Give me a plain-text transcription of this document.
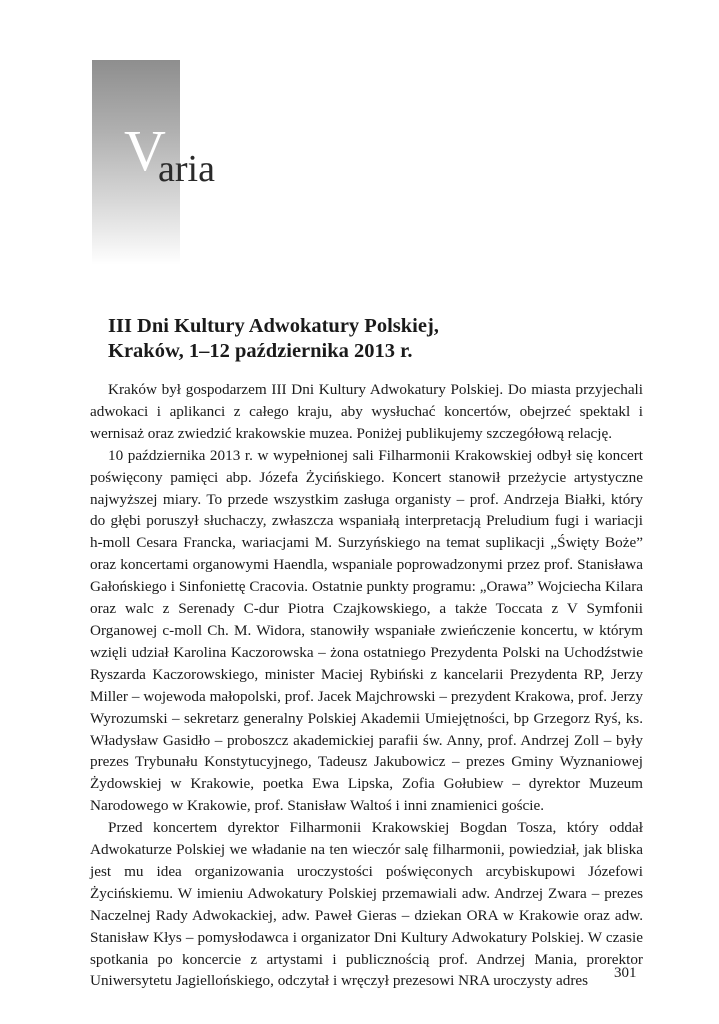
V
aria
III Dni Kultury Adwokatury Polskiej,
Kraków, 1–12 października 2013 r.

Kraków był gospodarzem III Dni Kultury Adwokatury Polskiej. Do miasta przyjechali adwokaci i aplikanci z całego kraju, aby wysłuchać koncertów, obejrzeć spektakl i wernisaż oraz zwiedzić krakowskie muzea. Poniżej publikujemy szczegółową relację.

10 października 2013 r. w wypełnionej sali Filharmonii Krakowskiej odbył się koncert poświęcony pamięci abp. Józefa Życińskiego. Koncert stanowił przeżycie artystyczne najwyższej miary. To przede wszystkim zasługa organisty – prof. Andrzeja Białki, który do głębi poruszył słuchaczy, zwłaszcza wspaniałą interpretacją Preludium fugi i wariacji h-moll Cesara Francka, wariacjami M. Surzyńskiego na temat suplikacji „Święty Boże” oraz koncertami organowymi Haendla, wspaniale poprowadzonymi przez prof. Stanisława Gałońskiego i Sinfoniettę Cracovia. Ostatnie punkty programu: „Orawa” Wojciecha Kilara oraz walc z Serenady C-dur Piotra Czajkowskiego, a także Toccata z V Symfonii Organowej c-moll Ch. M. Widora, stanowiły wspaniałe zwieńczenie koncertu, w którym wzięli udział Karolina Kaczorowska – żona ostatniego Prezydenta Polski na Uchodźstwie Ryszarda Kaczorowskiego, minister Maciej Rybiński z kancelarii Prezydenta RP, Jerzy Miller – wojewoda małopolski, prof. Jacek Majchrowski – prezydent Krakowa, prof. Jerzy Wyrozumski – sekretarz generalny Polskiej Akademii Umiejętności, bp Grzegorz Ryś, ks. Władysław Gasidło – proboszcz akademickiej parafii św. Anny, prof. Andrzej Zoll – były prezes Trybunału Konstytucyjnego, Tadeusz Jakubowicz – prezes Gminy Wyznaniowej Żydowskiej w Krakowie, poetka Ewa Lipska, Zofia Gołubiew – dyrektor Muzeum Narodowego w Krakowie, prof. Stanisław Waltoś i inni znamienici goście.

Przed koncertem dyrektor Filharmonii Krakowskiej Bogdan Tosza, który oddał Adwokaturze Polskiej we władanie na ten wieczór salę filharmonii, powiedział, jak bliska jest mu idea organizowania uroczystości poświęconych arcybiskupowi Józefowi Życińskiemu. W imieniu Adwokatury Polskiej przemawiali adw. Andrzej Zwara – prezes Naczelnej Rady Adwokackiej, adw. Paweł Gieras – dziekan ORA w Krakowie oraz adw. Stanisław Kłys – pomysłodawca i organizator Dni Kultury Adwokatury Polskiej. W czasie spotkania po koncercie z artystami i publicznością prof. Andrzej Mania, prorektor Uniwersytetu Jagiellońskiego, odczytał i wręczył prezesowi NRA uroczysty adres	301
